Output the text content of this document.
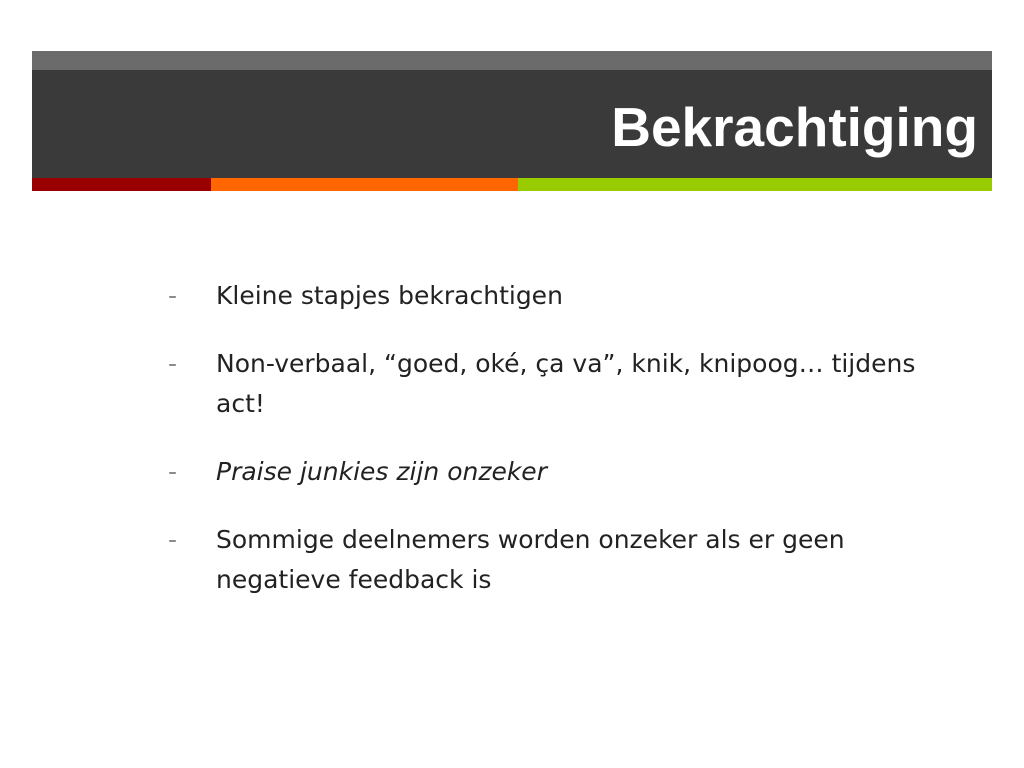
Bekrachtiging
-	Kleine stapjes bekrachtigen
-	Non-verbaal, “goed, oké, ça va”, knik, knipoog… tijdens act!
-	Praise junkies zijn onzeker
-	Sommige deelnemers worden onzeker als er geen negatieve feedback is
